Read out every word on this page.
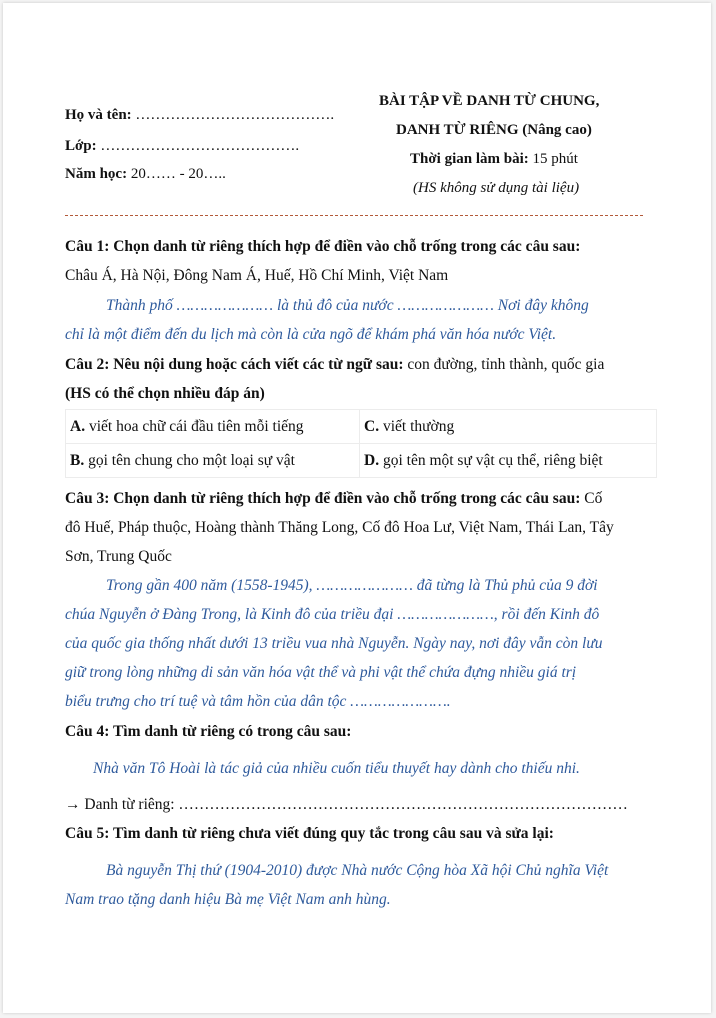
Họ và tên: ………………………………….
Lớp: ………………………………….
Năm học: 20…… - 20…..
BÀI TẬP VỀ DANH TỪ CHUNG,
DANH TỪ RIÊNG (Nâng cao)
Thời gian làm bài: 15 phút
(HS không sử dụng tài liệu)
Câu 1: Chọn danh từ riêng thích hợp để điền vào chỗ trống trong các câu sau:
Châu Á, Hà Nội, Đông Nam Á, Huế, Hồ Chí Minh, Việt Nam
Thành phố ………………… là thủ đô của nước ………………… Nơi đây không
chỉ là một điểm đến du lịch mà còn là cửa ngõ để khám phá văn hóa nước Việt.
Câu 2: Nêu nội dung hoặc cách viết các từ ngữ sau: con đường, tỉnh thành, quốc gia
(HS có thể chọn nhiều đáp án)
A. viết hoa chữ cái đầu tiên mỗi tiếng	C. viết thường
B. gọi tên chung cho một loại sự vật	D. gọi tên một sự vật cụ thể, riêng biệt
Câu 3: Chọn danh từ riêng thích hợp để điền vào chỗ trống trong các câu sau: Cố
đô Huế, Pháp thuộc, Hoàng thành Thăng Long, Cố đô Hoa Lư, Việt Nam, Thái Lan, Tây
Sơn, Trung Quốc
Trong gần 400 năm (1558-1945), ………………… đã từng là Thủ phủ của 9 đời
chúa Nguyễn ở Đàng Trong, là Kinh đô của triều đại …………………, rồi đến Kinh đô
của quốc gia thống nhất dưới 13 triều vua nhà Nguyễn. Ngày nay, nơi đây vẫn còn lưu
giữ trong lòng những di sản văn hóa vật thể và phi vật thể chứa đựng nhiều giá trị
biểu trưng cho trí tuệ và tâm hồn của dân tộc ………………….
Câu 4: Tìm danh từ riêng có trong câu sau:
Nhà văn Tô Hoài là tác giả của nhiều cuốn tiểu thuyết hay dành cho thiếu nhi.
→ Danh từ riêng: ……………………………………………………………………………
Câu 5: Tìm danh từ riêng chưa viết đúng quy tắc trong câu sau và sửa lại:
Bà nguyễn Thị thứ (1904-2010) được Nhà nước Cộng hòa Xã hội Chủ nghĩa Việt
Nam trao tặng danh hiệu Bà mẹ Việt Nam anh hùng.
